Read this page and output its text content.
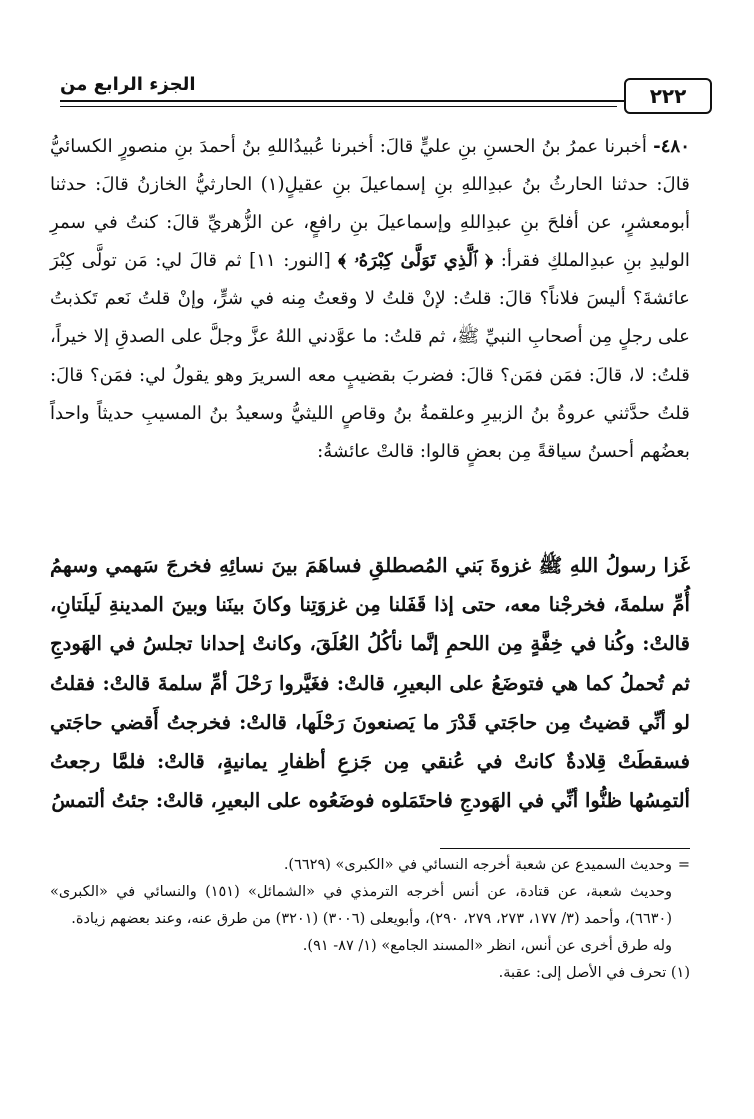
٢٢٢
الجزء الرابع من

٤٨٠- أخبرنا عمرُ بنُ الحسنِ بنِ عليٍّ قالَ: أخبرنا عُبيدُاللهِ بنُ أحمدَ بنِ منصورٍ الكسائيُّ قالَ: حدثنا الحارثُ بنُ عبدِاللهِ بنِ إسماعيلَ بنِ عقيلٍ(١) الحارثيُّ الخازنُ قالَ: حدثنا أبومعشرٍ، عن أفلحَ بنِ عبدِاللهِ وإسماعيلَ بنِ رافعٍ، عن الزُّهريِّ قالَ: كنتُ في سمرِ الوليدِ بنِ عبدِالملكِ فقرأ: ﴿ ٱلَّذِي تَوَلَّىٰ كِبْرَهُۥ ﴾ [النور: ١١] ثم قالَ لي: مَن تولَّى كِبْرَ عائشةَ؟ أليسَ فلاناً؟ قالَ: قلتُ: لإنْ قلتُ لا وقعتُ مِنه في شرٍّ، وإنْ قلتُ نَعم تَكذبتُ على رجلٍ مِن أصحابِ النبيِّ ﷺ، ثم قلتُ: ما عوَّدني اللهُ عزَّ وجلَّ على الصدقِ إلا خيراً، قلتُ: لا، قالَ: فمَن فمَن؟ قالَ: فضربَ بقضيبٍ معه السريرَ وهو يقولُ لي: فمَن؟ قالَ: قلتُ حدَّثني عروةُ بنُ الزبيرِ وعلقمةُ بنُ وقاصٍ الليثيُّ وسعيدُ بنُ المسيبِ حديثاً واحداً بعضُهم أحسنُ سياقةً مِن بعضٍ قالوا: قالتْ عائشةُ:

غَزا رسولُ اللهِ ﷺ غزوةَ بَني المُصطلقِ فساهَمَ بينَ نسائِهِ فخرجَ سَهمي وسهمُ أُمِّ سلمةَ، فخرجْنا معه، حتى إذا قَفَلنا مِن غزوَتِنا وكانَ بينَنا وبينَ المدينةِ لَيلَتانِ، قالتْ: وكُنا في خِفَّةٍ مِن اللحمِ إنَّما نأكُلُ العُلَقَ، وكانتْ إحدانا تجلسُ في الهَودجِ ثم تُحملُ كما هي فتوضَعُ على البعيرِ، قالتْ: فغَيَّروا رَحْلَ أمِّ سلمةَ قالتْ: فقلتُ لو أنِّي قضيتُ مِن حاجَتي قَدْرَ ما يَصنعونَ رَحْلَها، قالتْ: فخرجتُ أَقضي حاجَتي فسقطَتْ قِلادةٌ كانتْ في عُنقي مِن جَزعِ أظفارِ يمانيةٍ، قالتْ: فلمَّا رجعتُ ألتمِسُها ظنُّوا أنِّي في الهَودجِ فاحتَمَلوه فوضَعُوه على البعيرِ، قالتْ: جئتُ ألتمسُ

=وحديث السميدع عن شعبة أخرجه النسائي في «الكبرى» (٦٦٢٩).

وحديث شعبة، عن قتادة، عن أنس أخرجه الترمذي في «الشمائل» (١٥١) والنسائي في «الكبرى» (٦٦٣٠)، وأحمد (٣/ ١٧٧، ٢٧٣، ٢٧٩، ٢٩٠)، وأبويعلى (٣٠٠٦) (٣٢٠١) من طرق عنه، وعند بعضهم زيادة.

وله طرق أخرى عن أنس، انظر «المسند الجامع» (١/ ٨٧- ٩١).

(١) تحرف في الأصل إلى: عقبة.
